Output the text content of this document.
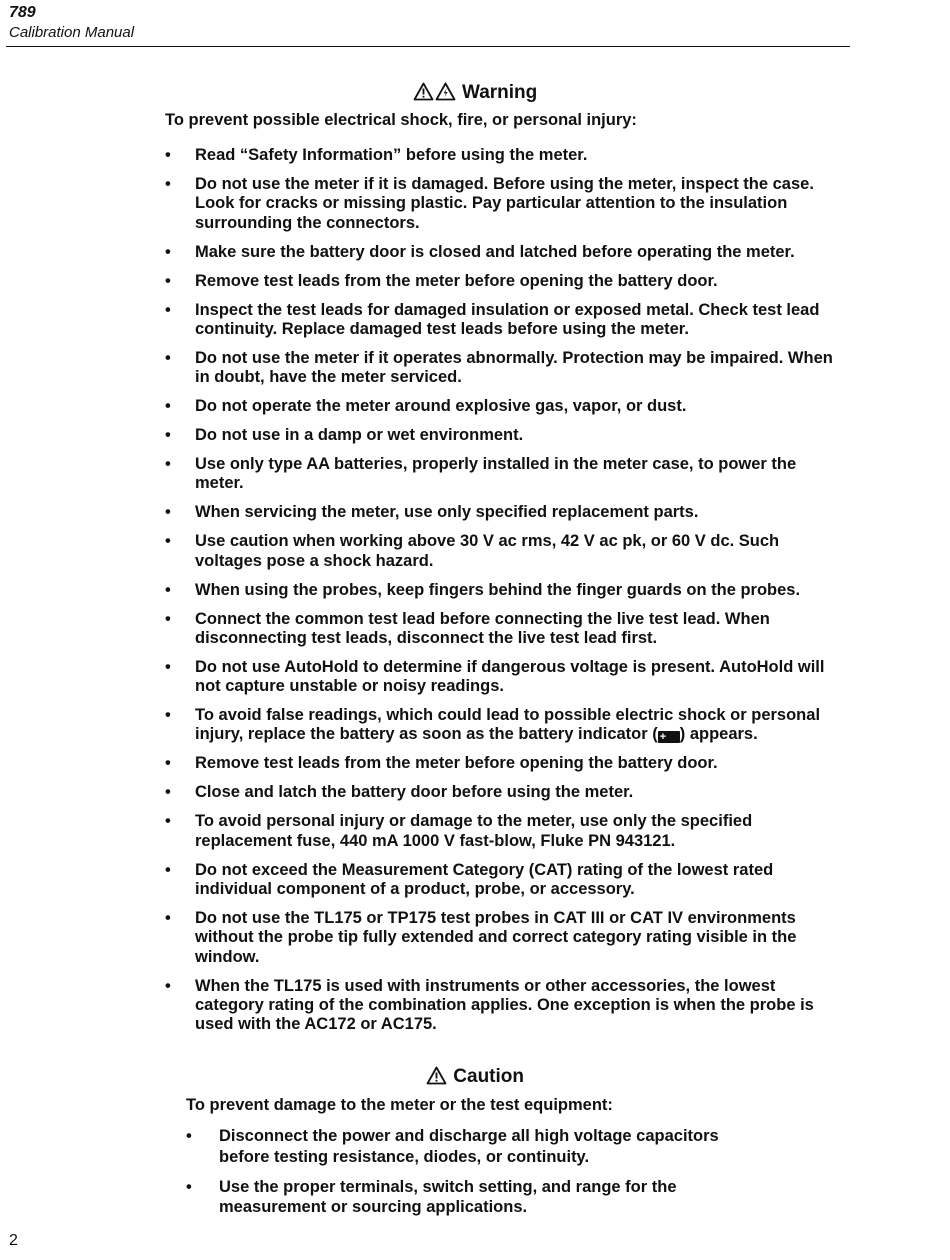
789
Calibration Manual
Warning
To prevent possible electrical shock, fire, or personal injury:
• Read “Safety Information” before using the meter.
• Do not use the meter if it is damaged. Before using the meter, inspect the case. Look for cracks or missing plastic. Pay particular attention to the insulation surrounding the connectors.
• Make sure the battery door is closed and latched before operating the meter.
• Remove test leads from the meter before opening the battery door.
• Inspect the test leads for damaged insulation or exposed metal. Check test lead continuity. Replace damaged test leads before using the meter.
• Do not use the meter if it operates abnormally. Protection may be impaired. When in doubt, have the meter serviced.
• Do not operate the meter around explosive gas, vapor, or dust.
• Do not use in a damp or wet environment.
• Use only type AA batteries, properly installed in the meter case, to power the meter.
• When servicing the meter, use only specified replacement parts.
• Use caution when working above 30 V ac rms, 42 V ac pk, or 60 V dc. Such voltages pose a shock hazard.
• When using the probes, keep fingers behind the finger guards on the probes.
• Connect the common test lead before connecting the live test lead. When disconnecting test leads, disconnect the live test lead first.
• Do not use AutoHold to determine if dangerous voltage is present. AutoHold will not capture unstable or noisy readings.
• To avoid false readings, which could lead to possible electric shock or personal injury, replace the battery as soon as the battery indicator ( + ) appears.
• Remove test leads from the meter before opening the battery door.
• Close and latch the battery door before using the meter.
• To avoid personal injury or damage to the meter, use only the specified replacement fuse, 440 mA 1000 V fast-blow, Fluke PN 943121.
• Do not exceed the Measurement Category (CAT) rating of the lowest rated individual component of a product, probe, or accessory.
• Do not use the TL175 or TP175 test probes in CAT III or CAT IV environments without the probe tip fully extended and correct category rating visible in the window.
• When the TL175 is used with instruments or other accessories, the lowest category rating of the combination applies. One exception is when the probe is used with the AC172 or AC175.
Caution
To prevent damage to the meter or the test equipment:
• Disconnect the power and discharge all high voltage capacitors before testing resistance, diodes, or continuity.
• Use the proper terminals, switch setting, and range for the measurement or sourcing applications.
2
